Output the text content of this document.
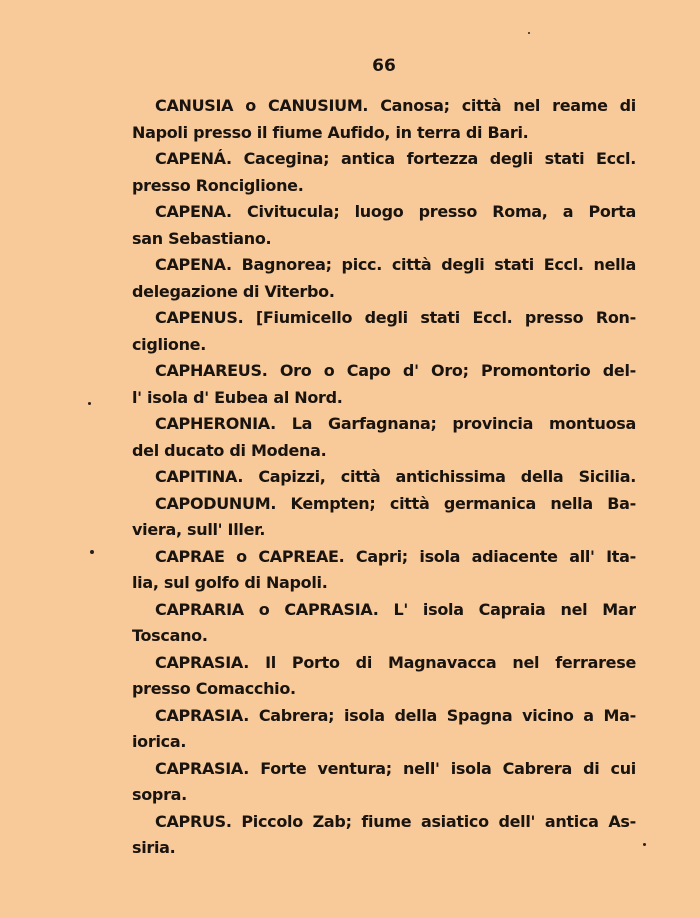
66

CANUSIA o CANUSIUM. Canosa; città nel reame di
Napoli presso il fiume Aufido, in terra di Bari.

CAPENÁ. Cacegina; antica fortezza degli stati Eccl.
presso Ronciglione.

CAPENA. Civitucula; luogo presso Roma, a Porta
san Sebastiano.

CAPENA. Bagnorea; picc. città degli stati Eccl. nella
delegazione di Viterbo.

CAPENUS. [Fiumicello degli stati Eccl. presso Ron-
ciglione.

CAPHAREUS. Oro o Capo d' Oro; Promontorio del-
l' isola d' Eubea al Nord.

CAPHERONIA. La Garfagnana; provincia montuosa
del ducato di Modena.

CAPITINA. Capizzi, città antichissima della Sicilia.

CAPODUNUM. Kempten; città germanica nella Ba-
viera, sull' Iller.

CAPRAE o CAPREAE. Capri; isola adiacente all' Ita-
lia, sul golfo di Napoli.

CAPRARIA o CAPRASIA. L' isola Capraia nel Mar
Toscano.

CAPRASIA. Il Porto di Magnavacca nel ferrarese
presso Comacchio.

CAPRASIA. Cabrera; isola della Spagna vicino a Ma-
iorica.

CAPRASIA. Forte ventura; nell' isola Cabrera di cui
sopra.

CAPRUS. Piccolo Zab; fiume asiatico dell' antica As-
siria.
